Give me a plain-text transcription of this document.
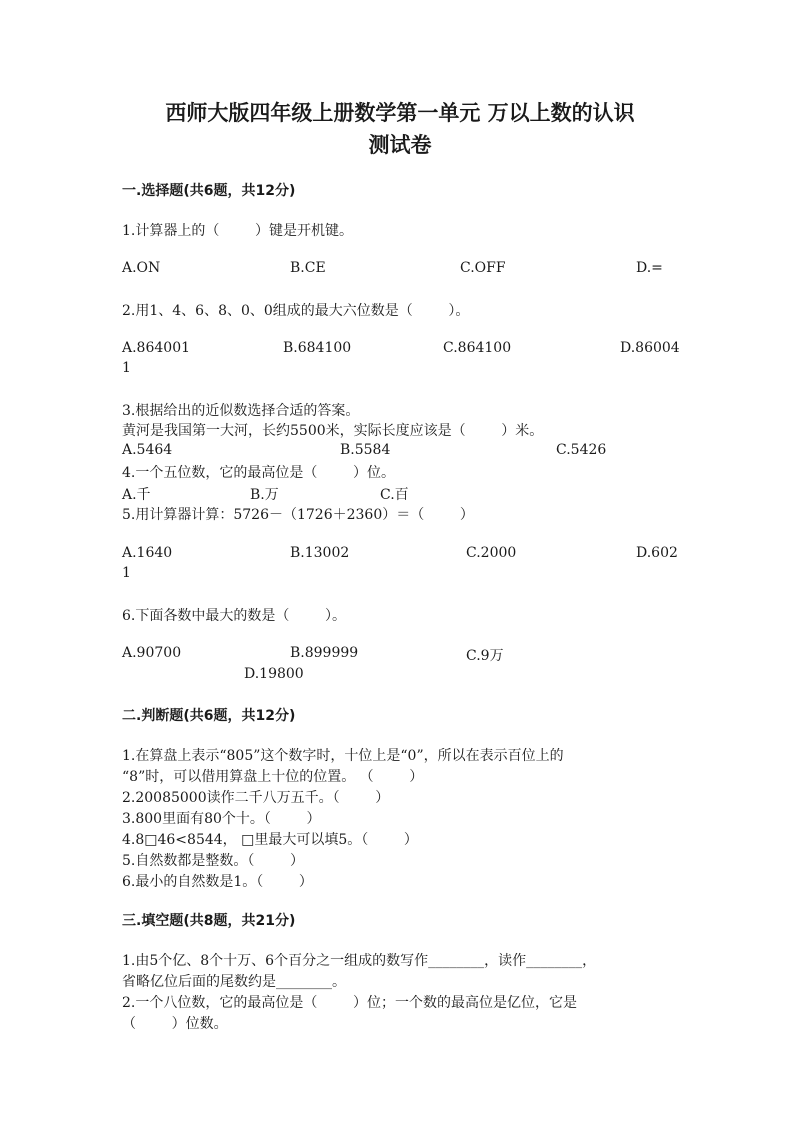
西师大版四年级上册数学第一单元 万以上数的认识
测试卷
一.选择题(共6题，共12分)
1.计算器上的（        ）键是开机键。
A.ON	B.CE	C.OFF	D.=
2.用1、4、6、8、0、0组成的最大六位数是（        ）。
A.864001	B.684100	C.864100	D.86004
1
3.根据给出的近似数选择合适的答案。
黄河是我国第一大河，长约5500米，实际长度应该是（        ）米。
A.5464	B.5584	C.5426
4.一个五位数，它的最高位是（        ）位。
A.千	B.万	C.百
5.用计算器计算：5726－（1726＋2360）＝（        ）
A.1640	B.13002	C.2000	D.602
1
6.下面各数中最大的数是（        ）。
A.90700	B.899999	C.9万
D.19800
二.判断题(共6题，共12分)
1.在算盘上表示“805”这个数字时，十位上是“0”，所以在表示百位上的
“8”时，可以借用算盘上十位的位置。 （        ）
2.20085000读作二千八万五千。（        ）
3.800里面有80个十。（        ）
4.8□46<8544， □里最大可以填5。（        ）
5.自然数都是整数。（        ）
6.最小的自然数是1。（        ）
三.填空题(共8题，共21分)
1.由5个亿、8个十万、6个百分之一组成的数写作________，读作________，
省略亿位后面的尾数约是________。
2.一个八位数，它的最高位是（        ）位；一个数的最高位是亿位，它是
（        ）位数。
